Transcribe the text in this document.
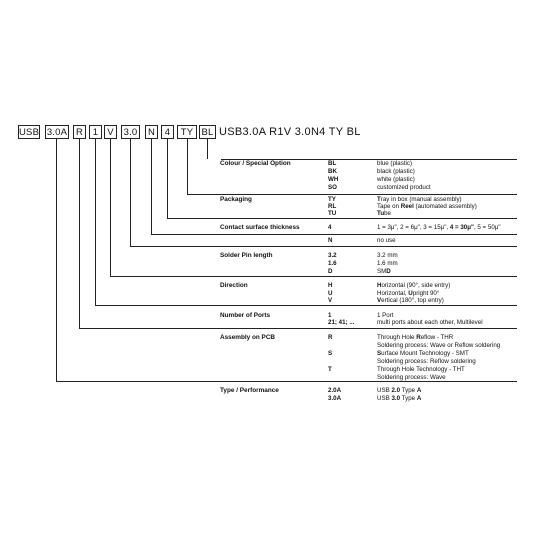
USB 3.0A R	1 V	3.0	N	4	TY BL USB3.0A R1V 3.0N4 TY BL
Colour / Special Option	BL	blue (plastic)
BK	black (plastic)
WH	white (plastic)
SO	customized product
Packaging	TY	Tray in box (manual assembly)
RL	Tape on Reel (automated assembly)
TU	Tube
Contact surface thickness	4	1 = 3μ", 2 = 6μ", 3 = 15μ", 4 = 30μ", 5 = 50μ"
N	no use
Solder Pin length	3.2	3.2 mm
1.6	1.6 mm
D	SMD
Direction	H	Horizontal (90°, side entry)
U	Horizontal, Upright 90°
V	Vertical (180°, top entry)
Number of Ports	1	1 Port
21; 41; ...	multi ports about each other, Multilevel
Assembly on PCB	R	Through Hole Reflow - THR
Soldering process: Wave or Reflow soldering
S	Surface Mount Technology - SMT
Soldering process: Reflow soldering
T	Through Hole Technology - THT
Soldering process: Wave
Type / Performance	2.0A	USB 2.0 Type A
3.0A	USB 3.0 Type A
